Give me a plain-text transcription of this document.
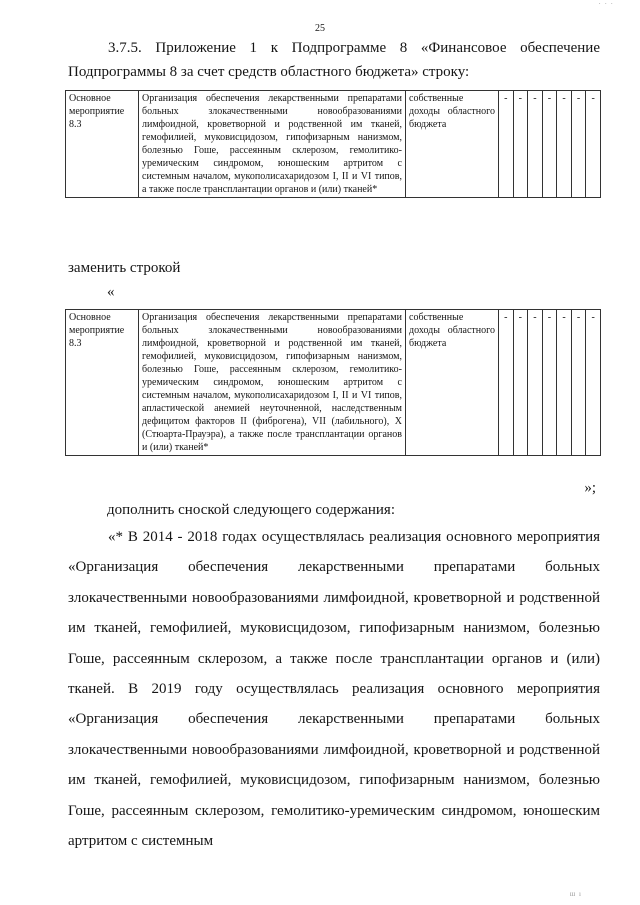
· · ·
25
3.7.5. Приложение 1 к Подпрограмме 8 «Финансовое обеспечение Подпрограммы 8 за счет средств областного бюджета» строку:
Основное мероприятие 8.3	Организация обеспечения лекарственными препаратами больных злокачественными новообразованиями лимфоидной, кроветворной и родственной им тканей, гемофилией, муковисцидозом, гипофизарным нанизмом, болезнью Гоше, рассеянным склерозом, гемолитико-уремическим синдромом, юношеским артритом с системным началом, мукополисахаридозом I, II и VI типов, а также после трансплантации органов и (или) тканей*	собственные доходы областного бюджета	-	-	-	-	-	-	-
заменить строкой
«
Основное мероприятие 8.3	Организация обеспечения лекарственными препаратами больных злокачественными новообразованиями лимфоидной, кроветворной и родственной им тканей, гемофилией, муковисцидозом, гипофизарным нанизмом, болезнью Гоше, рассеянным склерозом, гемолитико-уремическим синдромом, юношеским артритом с системным началом, мукополисахаридозом I, II и VI типов, апластической анемией неуточненной, наследственным дефицитом факторов II (фиброгена), VII (лабильного), X (Стюарта-Прауэра), а также после трансплантации органов и (или) тканей*	собственные доходы областного бюджета	-	-	-	-	-	-	-
»;
дополнить сноской следующего содержания:
«* В 2014 - 2018 годах осуществлялась реализация основного мероприятия «Организация обеспечения лекарственными препаратами больных злокачественными новообразованиями лимфоидной, кроветворной и родственной им тканей, гемофилией, муковисцидозом, гипофизарным нанизмом, болезнью Гоше, рассеянным склерозом, а также после трансплантации органов и (или) тканей. В 2019 году осуществлялась реализация основного мероприятия «Организация обеспечения лекарственными препаратами больных злокачественными новообразованиями лимфоидной, кроветворной и родственной им тканей, гемофилией, муковисцидозом, гипофизарным нанизмом, болезнью Гоше, рассеянным склерозом, гемолитико-уремическим синдромом, юношеским артритом с системным
ш ı
